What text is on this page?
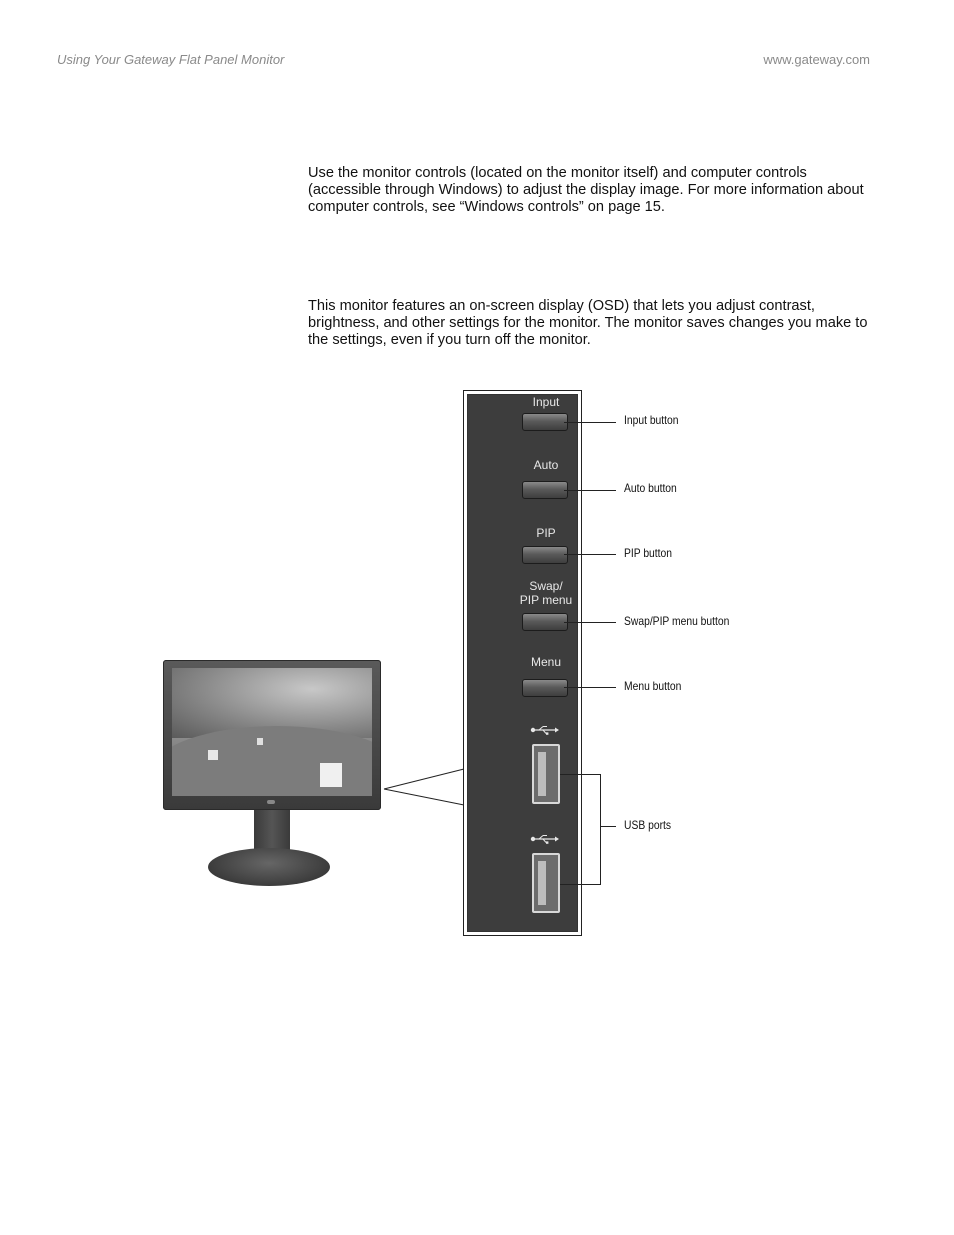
Using Your Gateway Flat Panel Monitor	www.gateway.com

Use the monitor controls (located on the monitor itself) and computer controls (accessible through Windows) to adjust the display image. For more information about computer controls, see “Windows controls” on page 15.

This monitor features an on-screen display (OSD) that lets you adjust contrast, brightness, and other settings for the monitor. The monitor saves changes you make to the settings, even if you turn off the monitor.

Input
Auto
PIP
Swap/
PIP menu
Menu
Input button
Auto button
PIP button
Swap/PIP menu button
Menu button
USB ports
